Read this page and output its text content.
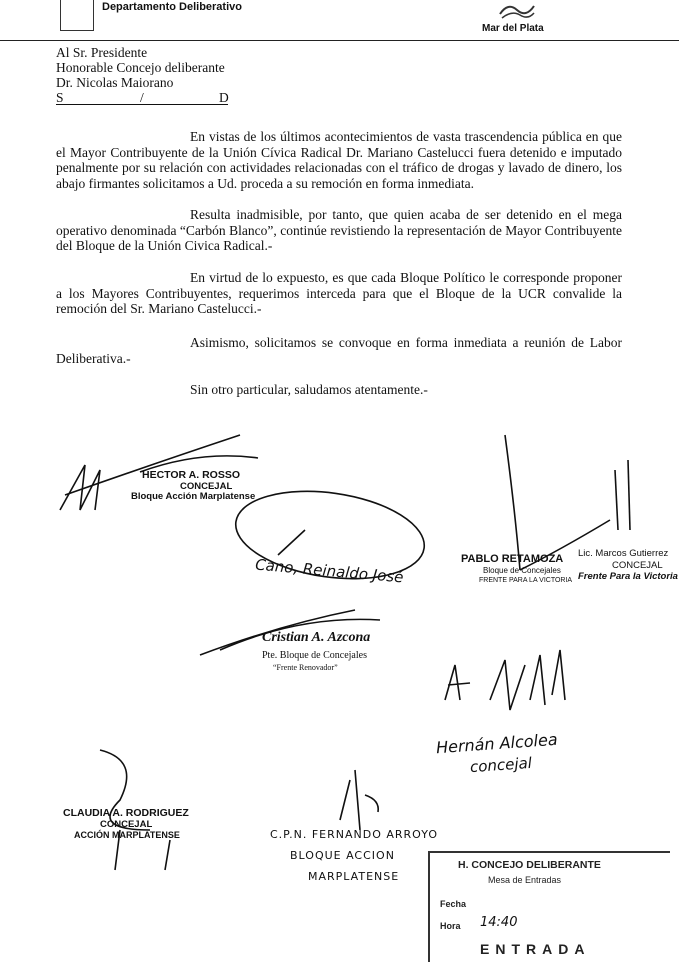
Departamento Deliberativo
Mar del Plata
Al Sr. Presidente
Honorable Concejo deliberante
Dr. Nicolas Maiorano
S	/	D
En vistas de los últimos acontecimientos de vasta trascendencia pública en que el Mayor Contribuyente de la Unión Cívica Radical Dr. Mariano Castelucci fuera detenido e imputado penalmente por su relación con actividades relacionadas con el tráfico de drogas y lavado de dinero, los abajo firmantes solicitamos a Ud. proceda a su remoción en forma inmediata.
Resulta inadmisible, por tanto, que quien acaba de ser detenido en el mega operativo denominada “Carbón Blanco”, continúe revistiendo la representación de Mayor Contribuyente del Bloque de la Unión Civica Radical.-
En virtud de lo expuesto, es que cada Bloque Político le corresponde proponer a los Mayores Contribuyentes, requerimos interceda para que el Bloque de la UCR convalide la remoción del Sr. Mariano Castelucci.-
Asimismo, solicitamos se convoque en forma inmediata a reunión de Labor Deliberativa.-
Sin otro particular, saludamos atentamente.-
HECTOR A. ROSSO
CONCEJAL
Bloque Acción Marplatense
Cano, Reinaldo José	PABLO RETAMOZA
Bloque de Concejales
FRENTE PARA LA VICTORIA
Lic. Marcos Gutierrez
CONCEJAL
Frente Para la Victoria
Cristian A. Azcona
Pte. Bloque de Concejales
“Frente Renovador”
Hernán Alcolea
concejal
CLAUDIA A. RODRIGUEZ
CONCEJAL
ACCIÓN MARPLATENSE	C.P.N. FERNANDO ARROYO
BLOQUE ACCION
MARPLATENSE
H. CONCEJO DELIBERANTE
Mesa de Entradas
Fecha
Hora 14:40
ENTRADA
